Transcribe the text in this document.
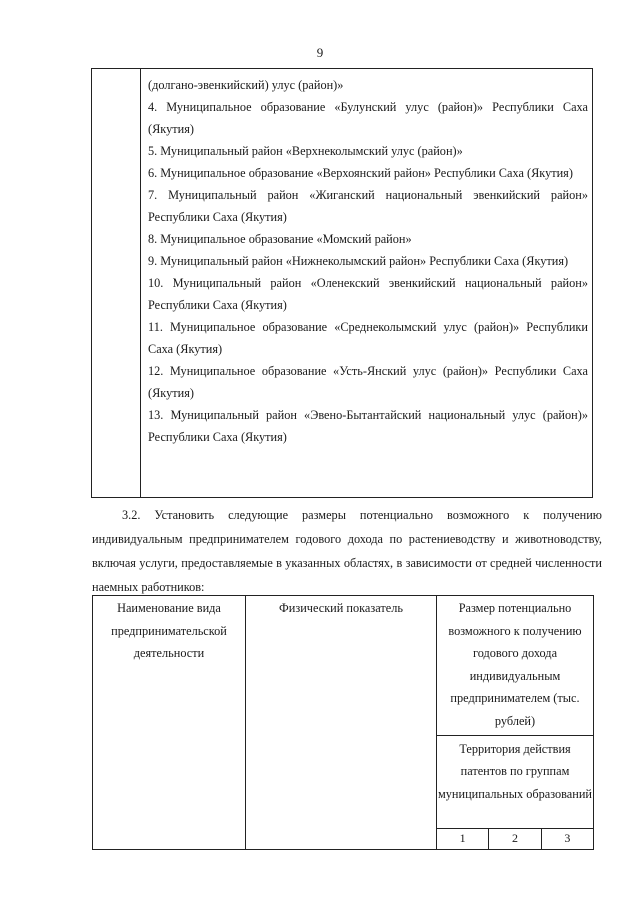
9

(долгано-эвенкийский) улус (район)»

4. Муниципальное образование «Булунский улус (район)» Республики Саха (Якутия)

5. Муниципальный район «Верхнеколымский улус (район)»

6. Муниципальное образование «Верхоянский район» Республики Саха (Якутия)

7. Муниципальный район «Жиганский национальный эвенкийский район» Республики Саха (Якутия)

8. Муниципальное образование «Момский район»

9. Муниципальный район «Нижнеколымский район» Республики Саха (Якутия)

10. Муниципальный район «Оленекский эвенкийский национальный район» Республики Саха (Якутия)

11. Муниципальное образование «Среднеколымский улус (район)» Республики Саха (Якутия)

12. Муниципальное образование «Усть-Янский улус (район)» Республики Саха (Якутия)

13. Муниципальный район «Эвено-Бытантайский национальный улус (район)» Республики Саха (Якутия)

3.2. Установить следующие размеры потенциально возможного к получению индивидуальным предпринимателем годового дохода по растениеводству и животноводству, включая услуги, предоставляемые в указанных областях, в зависимости от средней численности наемных работников:

Наименование вида предпринимательской деятельности	Физический показатель	Размер потенциально возможного к получению годового дохода индивидуальным предпринимателем (тыс. рублей)		
		Территория действия патентов по группам муниципальных образований		
		1	2	3
